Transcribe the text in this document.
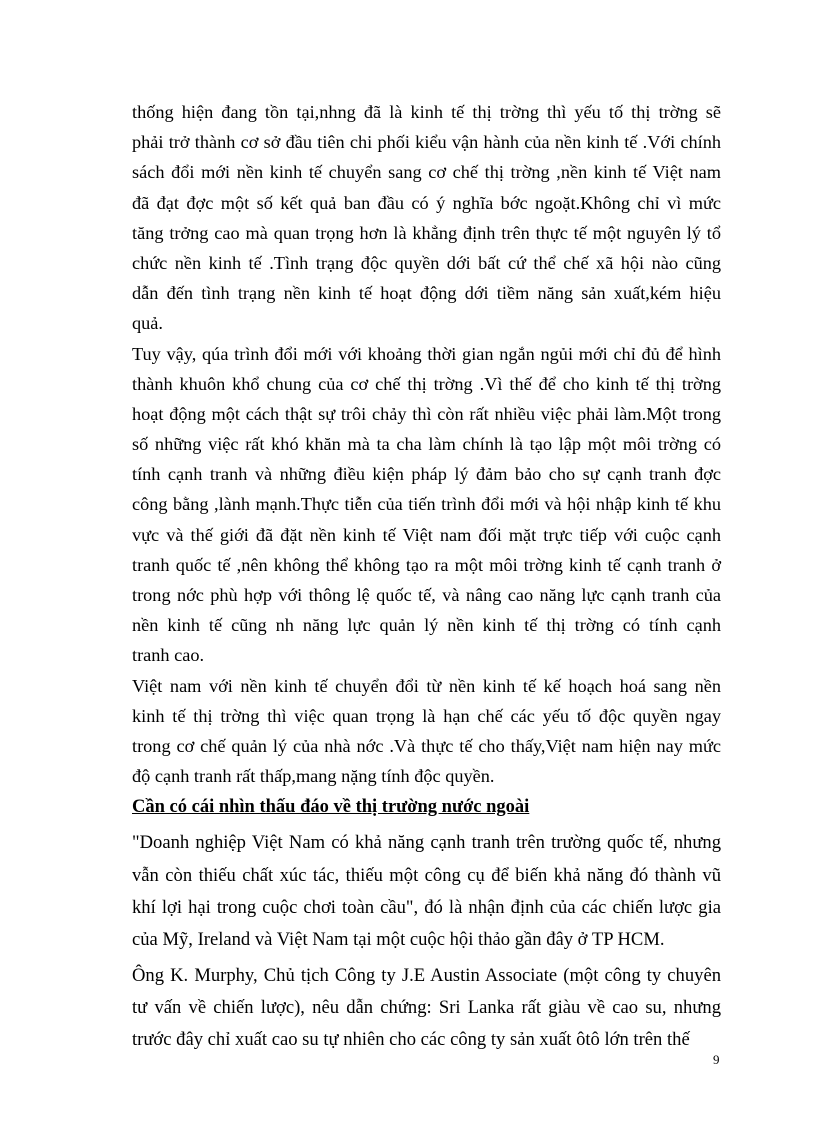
thống hiện đang tồn tại,nhng đã là kinh tế thị trờng thì yếu tố thị trờng sẽ
phải trở thành cơ sở đầu tiên chi phối kiểu vận hành của nền kinh tế .Với chính
sách đổi mới nền kinh tế chuyển sang cơ chế thị trờng ,nền kinh tế Việt nam
đã đạt đợc một số kết quả ban đầu có ý nghĩa bớc ngoặt.Không chỉ vì mức
tăng trởng cao mà quan trọng hơn là khẳng định trên thực tế một nguyên lý tổ
chức nền kinh tế .Tình trạng độc quyền dới bất cứ thể chế xã hội nào cũng
dẫn đến tình trạng nền kinh tế hoạt động dới tiềm năng sản xuất,kém hiệu
quả.
Tuy vậy, qúa trình đổi mới với khoảng thời gian ngắn ngủi mới chỉ đủ để hình
thành khuôn khổ chung của cơ chế thị trờng .Vì thế để cho kinh tế thị trờng
hoạt động một cách thật sự trôi chảy thì còn rất nhiều việc phải làm.Một trong
số những việc rất khó khăn mà ta cha làm chính là tạo lập một môi trờng có
tính cạnh tranh và những điều kiện pháp lý đảm bảo cho sự cạnh tranh đợc
công bằng ,lành mạnh.Thực tiễn của tiến trình đổi mới và hội nhập kinh tế khu
vực và thế giới đã đặt nền kinh tế Việt nam đối mặt trực tiếp với cuộc cạnh
tranh quốc tế ,nên không thể không tạo ra một môi trờng kinh tế cạnh tranh ở
trong nớc phù hợp với thông lệ quốc tế, và nâng cao năng lực cạnh tranh của
nền kinh tế cũng nh năng lực quản lý nền kinh tế thị trờng có tính cạnh
tranh cao.
Việt nam với nền kinh tế chuyển đổi từ nền kinh tế kế hoạch hoá sang nền
kinh tế thị trờng thì việc quan trọng là hạn chế các yếu tố độc quyền ngay
trong cơ chế quản lý của nhà nớc .Và thực tế cho thấy,Việt nam hiện nay mức
độ cạnh tranh rất thấp,mang nặng tính độc quyền.
Cần có cái nhìn thấu đáo về thị trường nước ngoài
"Doanh nghiệp Việt Nam có khả năng cạnh tranh trên trường quốc tế, nhưng
vẫn còn thiếu chất xúc tác, thiếu một công cụ để biến khả năng đó thành vũ
khí lợi hại trong cuộc chơi toàn cầu", đó là nhận định của các chiến lược gia
của Mỹ, Ireland và Việt Nam tại một cuộc hội thảo gần đây ở TP HCM.
Ông K. Murphy, Chủ tịch Công ty J.E Austin Associate (một công ty chuyên
tư vấn về chiến lược), nêu dẫn chứng: Sri Lanka rất giàu về cao su, nhưng
trước đây chỉ xuất cao su tự nhiên cho các công ty sản xuất ôtô lớn trên thế
9
